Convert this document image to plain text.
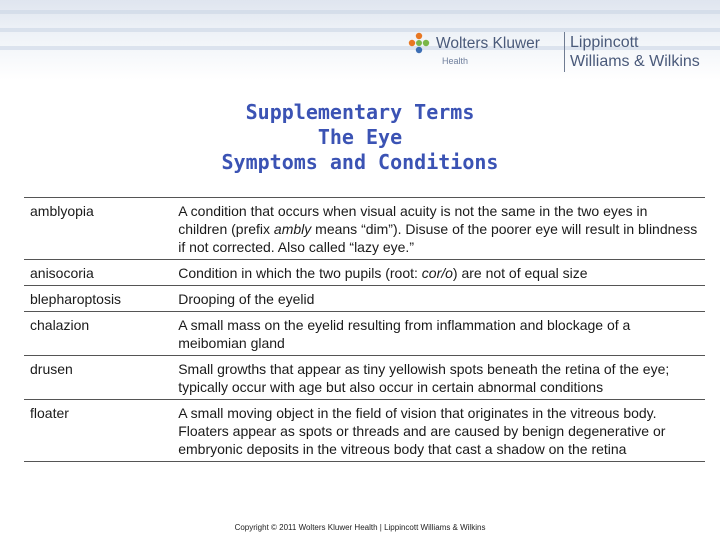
Wolters Kluwer
Health
Lippincott
Williams & Wilkins
Supplementary Terms
The Eye
Symptoms and Conditions
amblyopia	A condition that occurs when visual acuity is not the same in the two eyes in children (prefix ambly means “dim”). Disuse of the poorer eye will result in blindness if not corrected. Also called “lazy eye.”
anisocoria	Condition in which the two pupils (root: cor/o) are not of equal size
blepharoptosis	Drooping of the eyelid
chalazion	A small mass on the eyelid resulting from inflammation and blockage of a meibomian gland
drusen	Small growths that appear as tiny yellowish spots beneath the retina of the eye; typically occur with age but also occur in certain abnormal conditions
floater	A small moving object in the field of vision that originates in the vitreous body. Floaters appear as spots or threads and are caused by benign degenerative or embryonic deposits in the vitreous body that cast a shadow on the retina
Copyright © 2011 Wolters Kluwer Health | Lippincott Williams & Wilkins
